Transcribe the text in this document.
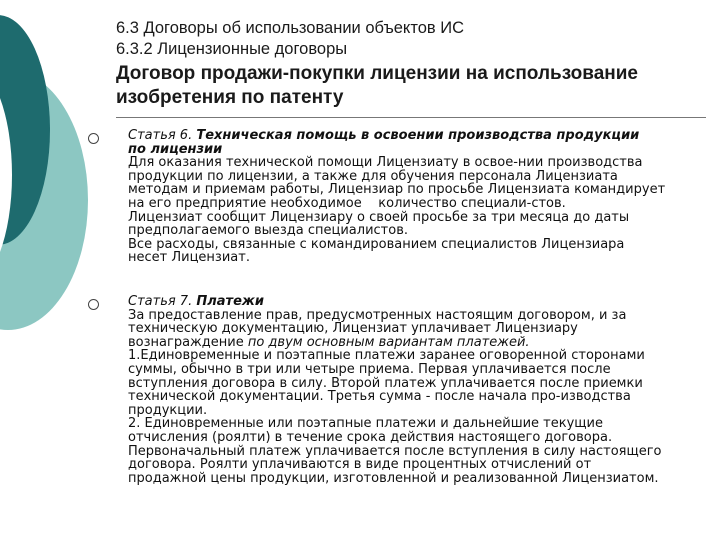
6.3 Договоры об использовании объектов ИС
6.3.2 Лицензионные договоры
Договор продажи-покупки лицензии на использование
изобретения по патенту

Статья 6. Техническая помощь в освоении производства продукции

по лицензии

Для оказания технической помощи Лицензиату в освое-нии производства

продукции по лицензии, а также для обучения персонала Лицензиата

методам и приемам работы, Лицензиар по просьбе Лицензиата командирует

на его предприятие необходимое    количество специали-стов.

Лицензиат сообщит Лицензиару о своей просьбе за три месяца до даты

предполагаемого выезда специалистов.

Все расходы, связанные с командированием специалистов Лицензиара

несет Лицензиат.

Статья 7. Платежи

За предоставление прав, предусмотренных настоящим договором, и за

техническую документацию, Лицензиат уплачивает Лицензиару

вознаграждение по двум основным вариантам платежей.

1.Единовременные и поэтапные платежи заранее оговоренной сторонами

суммы, обычно в три или четыре приема. Первая уплачивается после

вступления договора в силу. Второй платеж уплачивается после приемки

технической документации. Третья сумма - после начала про-изводства

продукции.

2. Единовременные или поэтапные платежи и дальнейшие текущие

отчисления (роялти) в течение срока действия настоящего договора.

Первоначальный платеж уплачивается после вступления в силу настоящего

договора. Роялти уплачиваются в виде процентных отчислений от

продажной цены продукции, изготовленной и реализованной Лицензиатом.
